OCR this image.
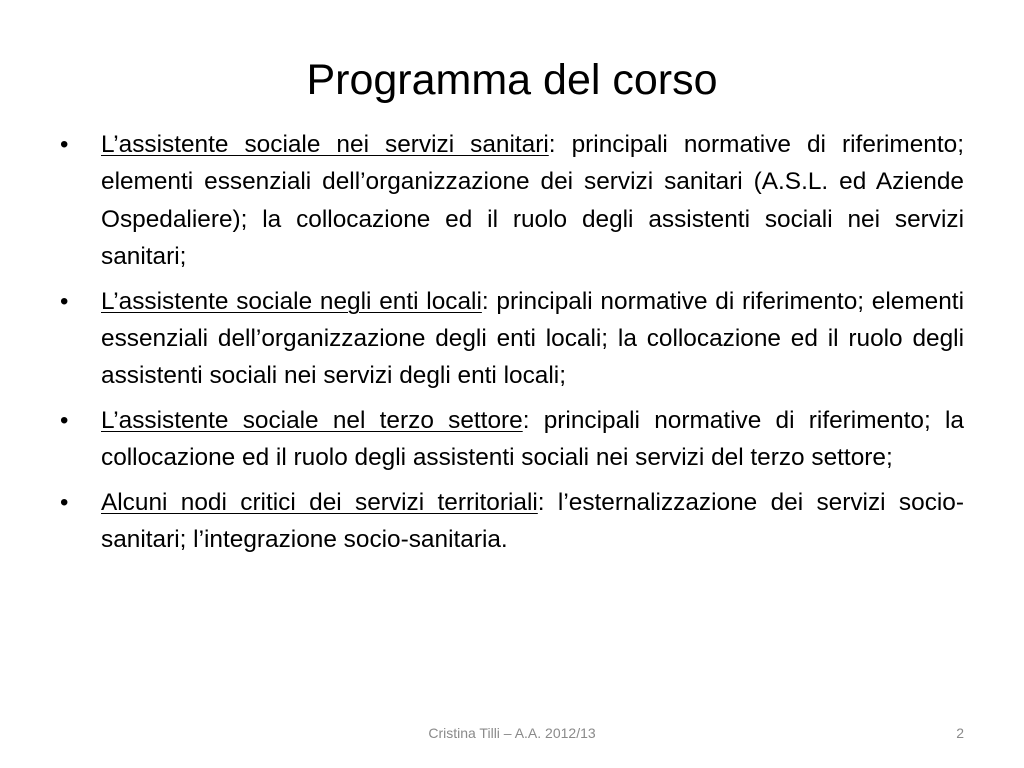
Programma del corso
•	L’assistente sociale nei servizi sanitari: principali normative di riferimento; elementi essenziali dell’organizzazione dei servizi sanitari (A.S.L. ed Aziende Ospedaliere); la collocazione ed il ruolo degli assistenti sociali nei servizi sanitari;
•	L’assistente sociale negli enti locali: principali normative di riferimento; elementi essenziali dell’organizzazione degli enti locali; la collocazione ed il ruolo degli assistenti sociali nei servizi degli enti locali;
•	L’assistente sociale nel terzo settore: principali normative di riferimento; la collocazione ed il ruolo degli assistenti sociali nei servizi del terzo settore;
•	Alcuni nodi critici dei servizi territoriali: l’esternalizzazione dei servizi socio-sanitari; l’integrazione socio-sanitaria.
Cristina Tilli – A.A. 2012/13	2
